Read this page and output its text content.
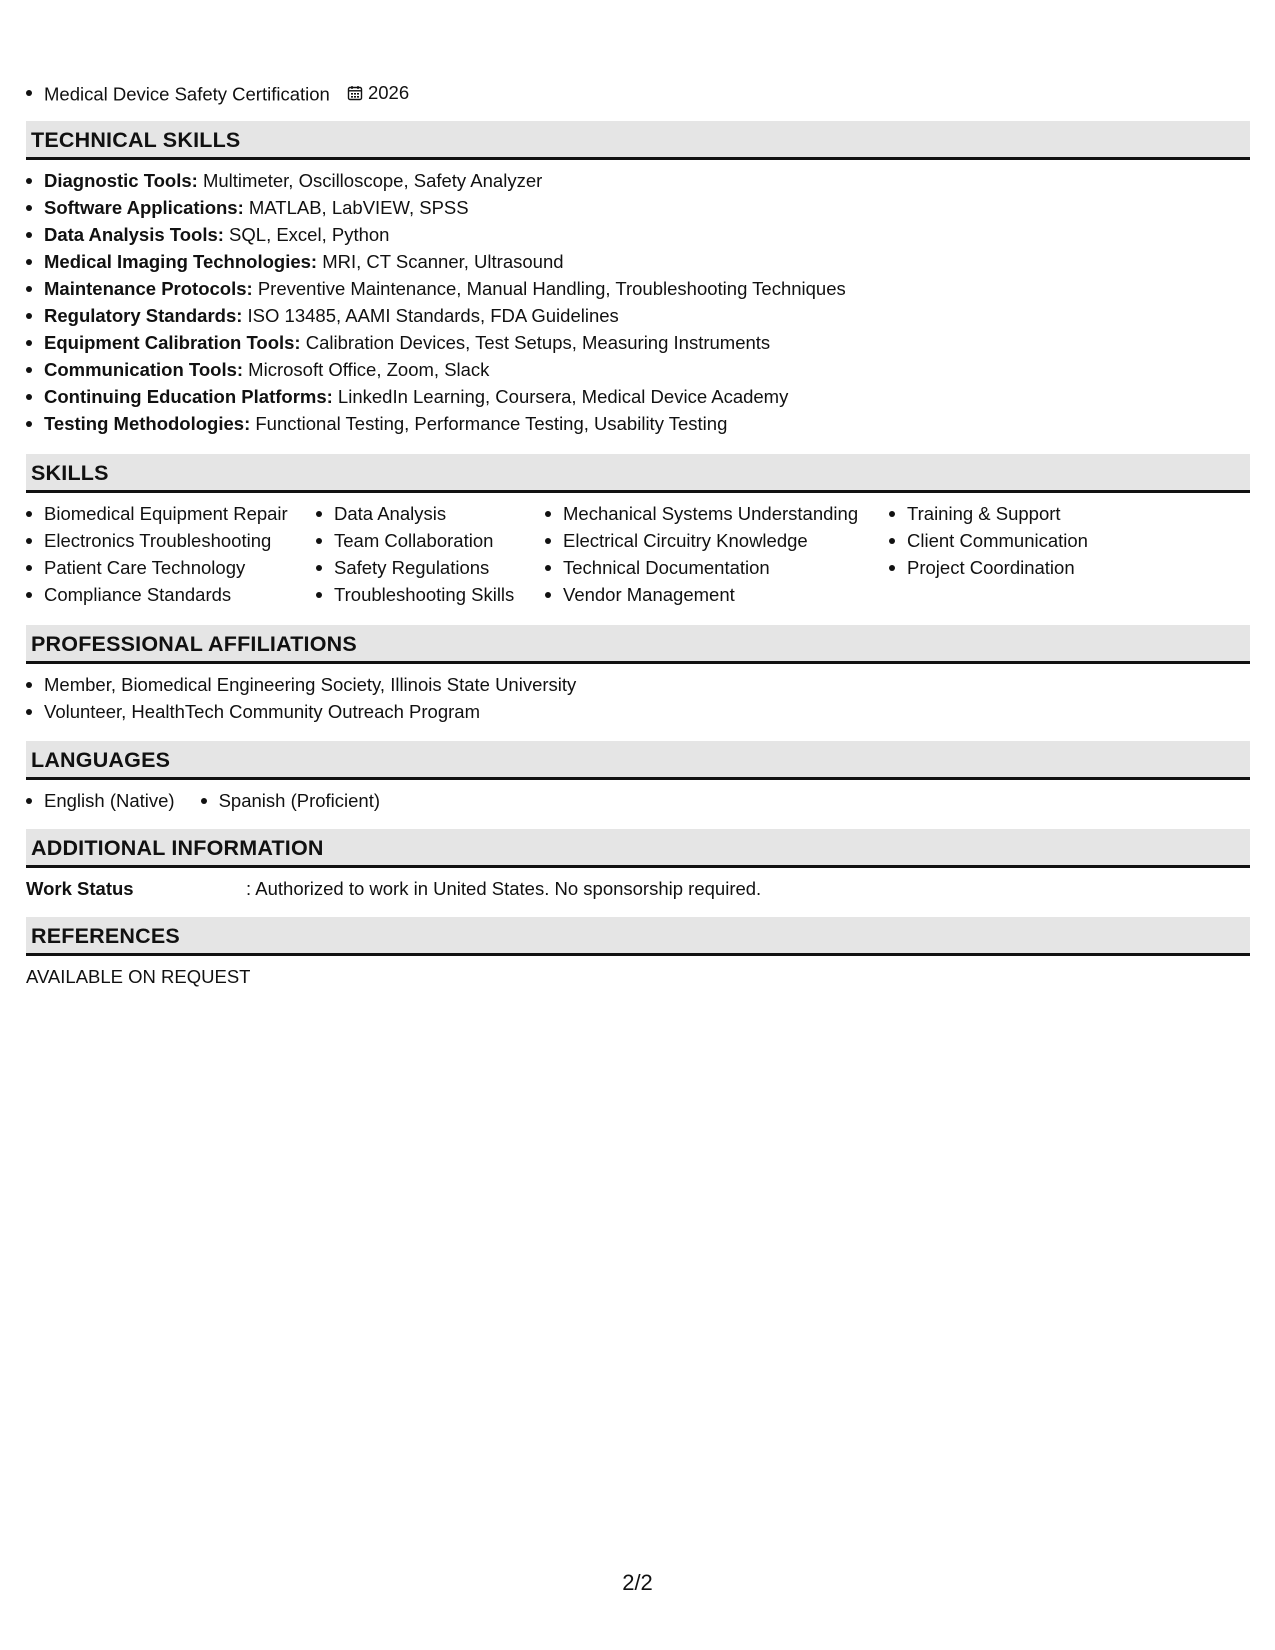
Medical Device Safety Certification 2026
TECHNICAL SKILLS
Diagnostic Tools: Multimeter, Oscilloscope, Safety Analyzer
Software Applications: MATLAB, LabVIEW, SPSS
Data Analysis Tools: SQL, Excel, Python
Medical Imaging Technologies: MRI, CT Scanner, Ultrasound
Maintenance Protocols: Preventive Maintenance, Manual Handling, Troubleshooting Techniques
Regulatory Standards: ISO 13485, AAMI Standards, FDA Guidelines
Equipment Calibration Tools: Calibration Devices, Test Setups, Measuring Instruments
Communication Tools: Microsoft Office, Zoom, Slack
Continuing Education Platforms: LinkedIn Learning, Coursera, Medical Device Academy
Testing Methodologies: Functional Testing, Performance Testing, Usability Testing
SKILLS
Biomedical Equipment Repair
Electronics Troubleshooting
Patient Care Technology
Compliance Standards
Data Analysis
Team Collaboration
Safety Regulations
Troubleshooting Skills
Mechanical Systems Understanding
Electrical Circuitry Knowledge
Technical Documentation
Vendor Management
Training & Support
Client Communication
Project Coordination
PROFESSIONAL AFFILIATIONS
Member, Biomedical Engineering Society, Illinois State University
Volunteer, HealthTech Community Outreach Program
LANGUAGES
English (Native)	Spanish (Proficient)
ADDITIONAL INFORMATION
Work Status	: Authorized to work in United States. No sponsorship required.
REFERENCES
AVAILABLE ON REQUEST
2/2
